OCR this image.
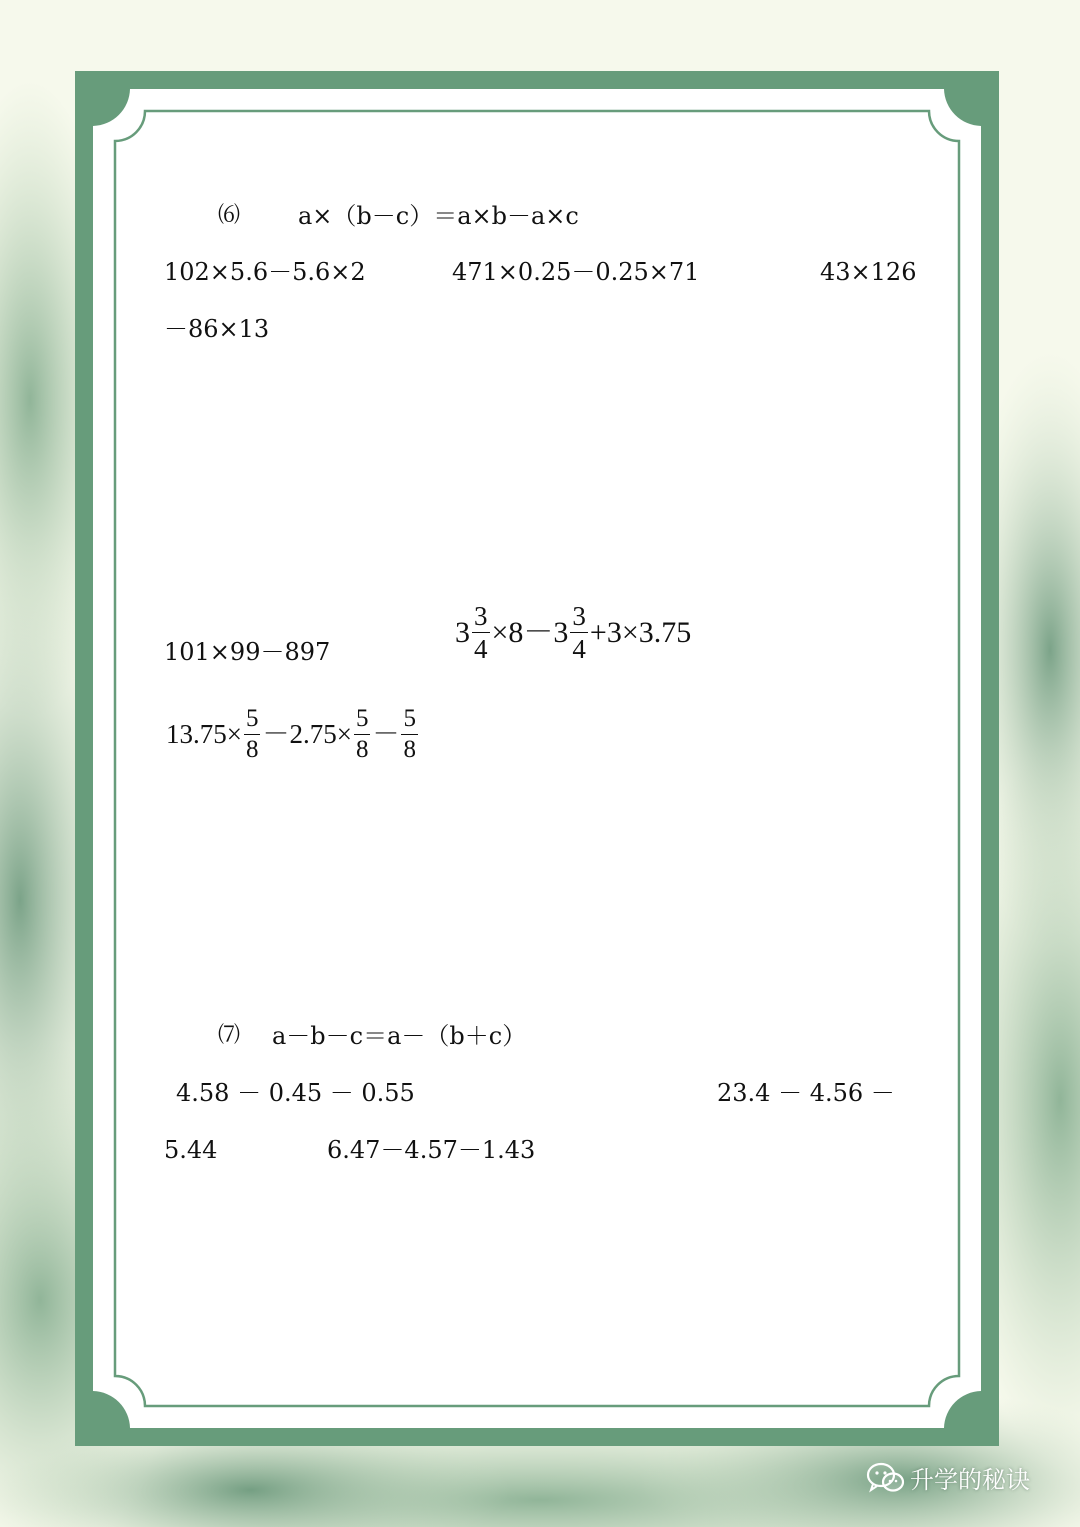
⑹ a×（b－c）＝a×b－a×c
102×5.6－5.6×2	471×0.25－0.25×71	43×126
－86×13
101×99－897
$3 \frac{3}{4} \times 8-3 \frac{3}{4} +3\times 3.75$
$13.75\times \frac{5}{8} -2.75\times \frac{5}{8} - \frac{5}{8}$
⑺ a－b－c＝a－（b＋c）
4.58 － 0.45 － 0.55	23.4 － 4.56 －
5.44	6.47－4.57－1.43
升学的秘诀
